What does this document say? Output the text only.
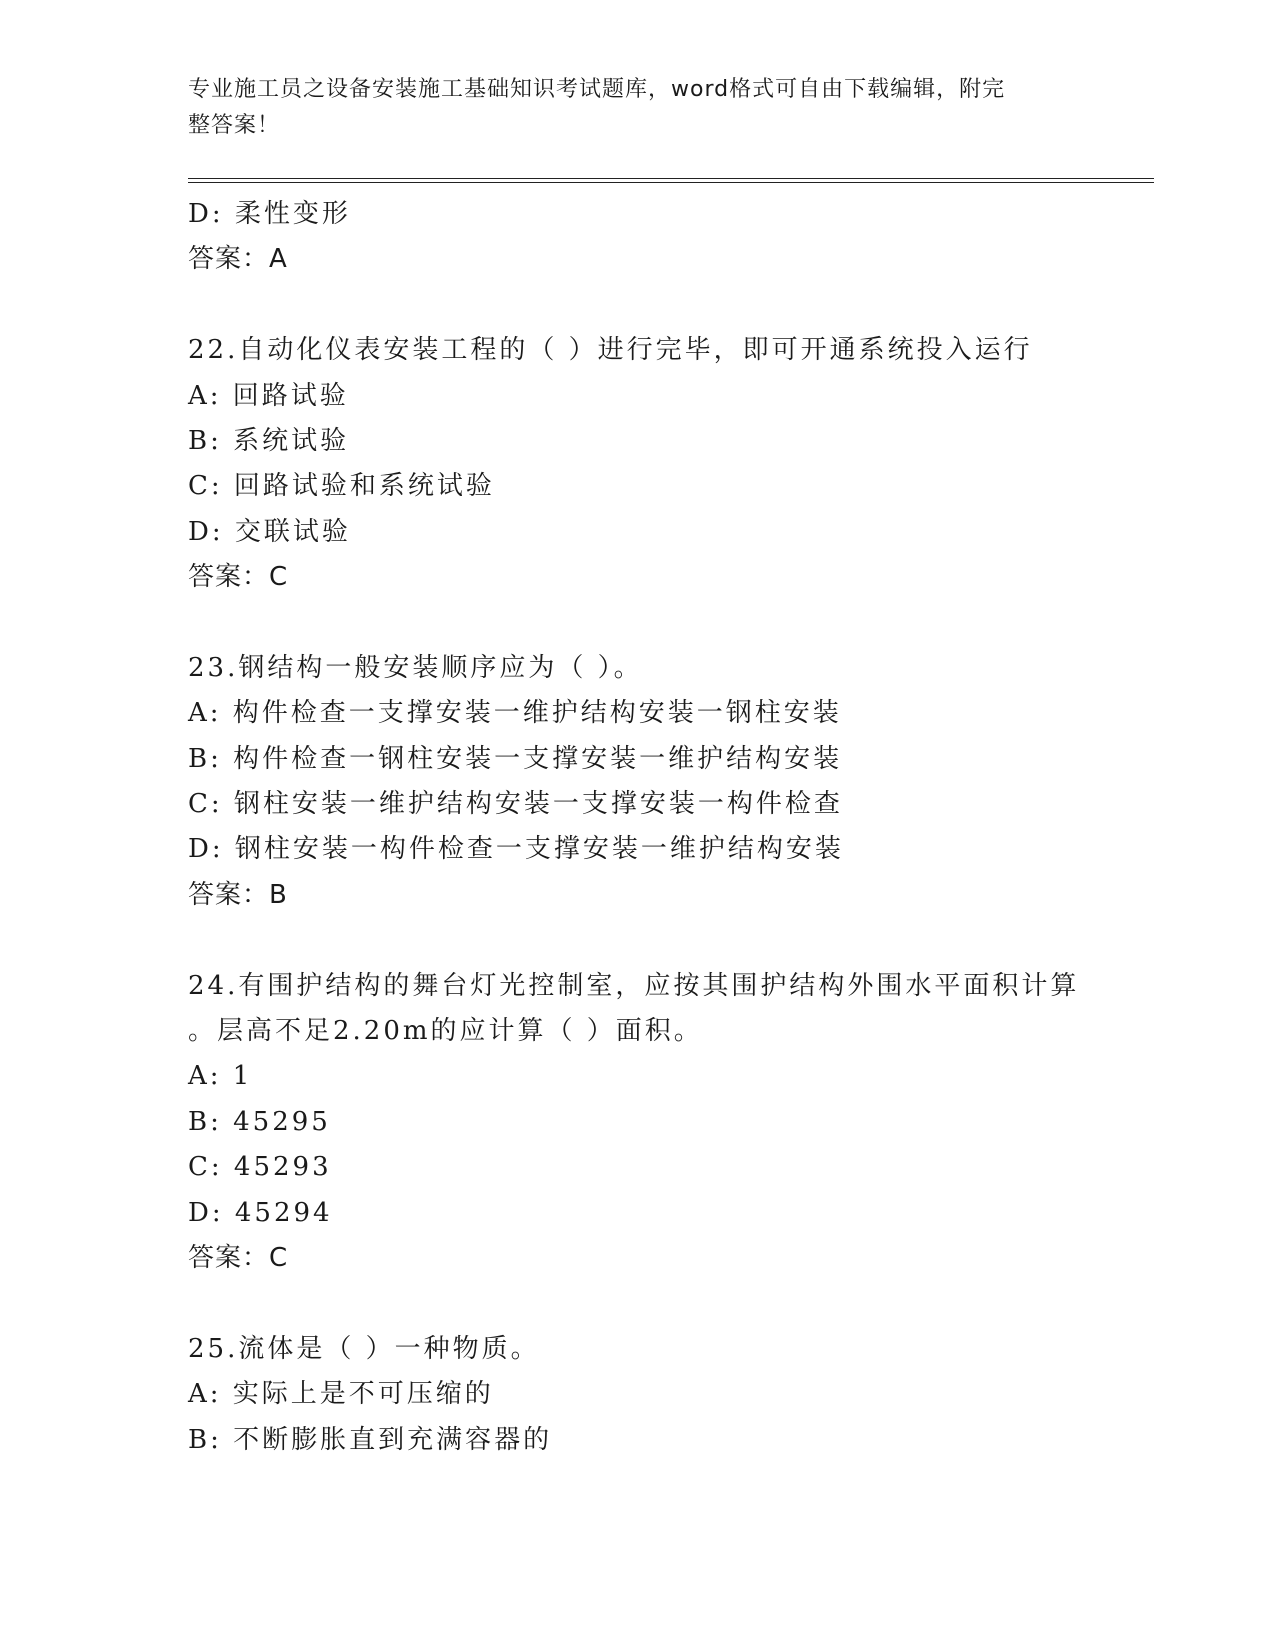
专业施工员之设备安装施工基础知识考试题库，word格式可自由下载编辑，附完
整答案！
D: 柔性变形
答案：A
22.自动化仪表安装工程的（ ）进行完毕，即可开通系统投入运行
A: 回路试验
B: 系统试验
C: 回路试验和系统试验
D: 交联试验
答案：C
23.钢结构一般安装顺序应为（ ）。
A: 构件检查一支撑安装一维护结构安装一钢柱安装
B: 构件检查一钢柱安装一支撑安装一维护结构安装
C: 钢柱安装一维护结构安装一支撑安装一构件检查
D: 钢柱安装一构件检查一支撑安装一维护结构安装
答案：B
24.有围护结构的舞台灯光控制室，应按其围护结构外围水平面积计算
。层高不足2.20m的应计算（ ）面积。
A: 1
B: 45295
C: 45293
D: 45294
答案：C
25.流体是（ ）一种物质。
A: 实际上是不可压缩的
B: 不断膨胀直到充满容器的
